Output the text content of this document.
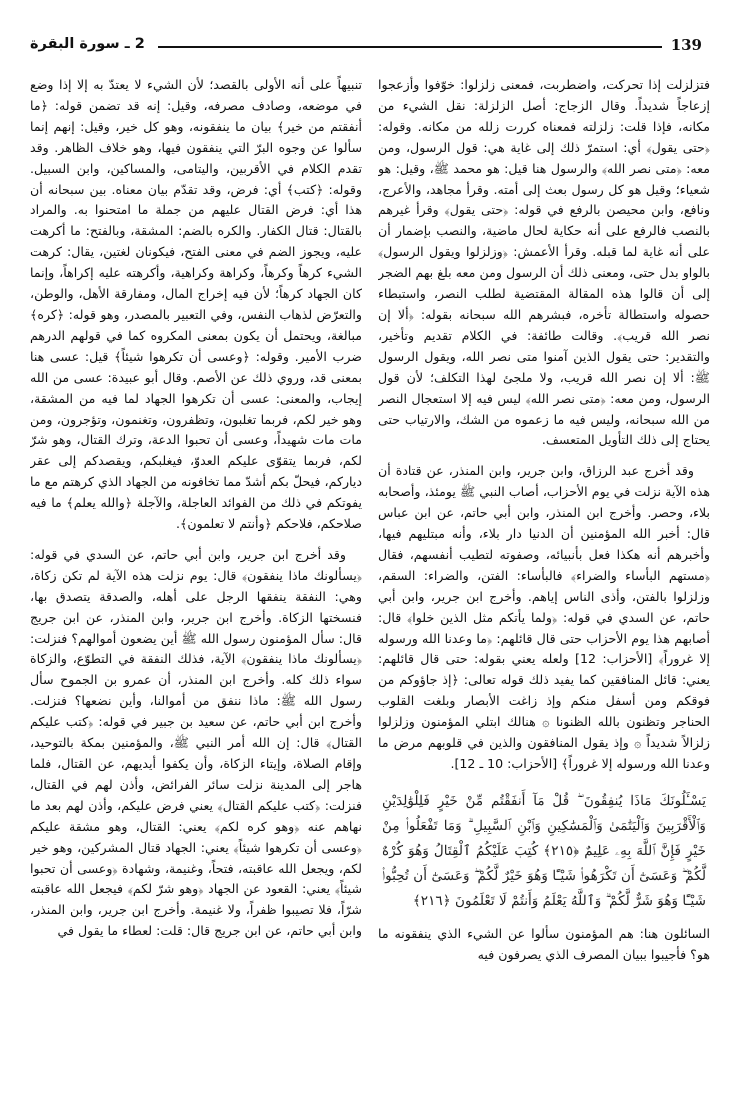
139
2 ـ سورة البقرة

فتزلزلت إذا تحركت، واضطربت، فمعنى زلزلوا: خوّفوا وأزعجوا إزعاجاً شديداً. وقال الزجاج: أصل الزلزلة: نقل الشيء من مكانه، فإذا قلت: زلزلته فمعناه كررت زلله من مكانه. وقوله: ﴿حتى يقول﴾ أي: استمرّ ذلك إلى غاية هي: قول الرسول، ومن معه: ﴿متى نصر الله﴾ والرسول هنا قيل: هو محمد ﷺ، وقيل: هو شعياء؛ وقيل هو كل رسول بعث إلى أمته. وقرأ مجاهد، والأعرج، ونافع، وابن محيصن بالرفع في قوله: ﴿حتى يقول﴾ وقرأ غيرهم بالنصب فالرفع على أنه حكاية لحال ماضية، والنصب بإضمار أن على أنه غاية لما قبله. وقرأ الأعمش: ﴿وزلزلوا ويقول الرسول﴾ بالواو بدل حتى، ومعنى ذلك أن الرسول ومن معه بلغ بهم الضجر إلى أن قالوا هذه المقالة المقتضية لطلب النصر، واستبطاء حصوله واستطالة تأخره، فبشرهم الله سبحانه بقوله: ﴿ألا إن نصر الله قريب﴾. وقالت طائفة: في الكلام تقديم وتأخير، والتقدير: حتى يقول الذين آمنوا متى نصر الله، ويقول الرسول ﷺ: ألا إن نصر الله قريب، ولا ملجئ لهذا التكلف؛ لأن قول الرسول، ومن معه: ﴿متى نصر الله﴾ ليس فيه إلا استعجال النصر من الله سبحانه، وليس فيه ما زعموه من الشك، والارتياب حتى يحتاج إلى ذلك التأويل المتعسف.

وقد أخرج عبد الرزاق، وابن جرير، وابن المنذر، عن قتادة أن هذه الآية نزلت في يوم الأحزاب، أصاب النبي ﷺ يومئذ، وأصحابه بلاء، وحصر. وأخرج ابن المنذر، وابن أبي حاتم، عن ابن عباس قال: أخبر الله المؤمنين أن الدنيا دار بلاء، وأنه مبتليهم فيها، وأخبرهم أنه هكذا فعل بأنبيائه، وصفوته لتطيب أنفسهم، فقال ﴿مستهم البأساء والضراء﴾ فالبأساء: الفتن، والضراء: السقم، وزلزلوا بالفتن، وأذى الناس إياهم. وأخرج ابن جرير، وابن أبي حاتم، عن السدي في قوله: ﴿ولما يأتكم مثل الذين خلوا﴾ قال: أصابهم هذا يوم الأحزاب حتى قال قائلهم: ﴿ما وعدنا الله ورسوله إلا غروراً﴾ [الأحزاب: 12] ولعله يعني بقوله: حتى قال قائلهم: يعني: قائل المنافقين كما يفيد ذلك قوله تعالى: ﴿إذ جاؤوكم من فوقكم ومن أسفل منكم وإذ زاغت الأبصار وبلغت القلوب الحناجر وتظنون بالله الظنونا ۞ هنالك ابتلي المؤمنون وزلزلوا زلزالاً شديداً ۞ وإذ يقول المنافقون والذين في قلوبهم مرض ما وعدنا الله ورسوله إلا غروراً﴾ [الأحزاب: 10 ـ 12].

يَسْـَٔلُونَكَ مَاذَا يُنفِقُونَ ۖ قُلْ مَآ أَنفَقْتُم مِّنْ خَيْرٍ فَلِلْوَٰلِدَيْنِ وَٱلْأَقْرَبِينَ وَٱلْيَتَٰمَىٰ وَٱلْمَسَٰكِينِ وَٱبْنِ ٱلسَّبِيلِ ۗ وَمَا تَفْعَلُوا۟ مِنْ خَيْرٍ فَإِنَّ ٱللَّهَ بِهِۦ عَلِيمٌ ﴿٢١٥﴾ كُتِبَ عَلَيْكُمُ ٱلْقِتَالُ وَهُوَ كُرْهٌ لَّكُمْ ۖ وَعَسَىٰٓ أَن تَكْرَهُوا۟ شَيْـًٔا وَهُوَ خَيْرٌ لَّكُمْ ۖ وَعَسَىٰٓ أَن تُحِبُّوا۟ شَيْـًٔا وَهُوَ شَرٌّ لَّكُمْ ۗ وَٱللَّهُ يَعْلَمُ وَأَنتُمْ لَا تَعْلَمُونَ ﴿٢١٦﴾

السائلون هنا: هم المؤمنون سألوا عن الشيء الذي ينفقونه ما هو؟ فأجيبوا ببيان المصرف الذي يصرفون فيه

تنبيهاً على أنه الأولى بالقصد؛ لأن الشيء لا يعتدّ به إلا إذا وضع في موضعه، وصادف مصرفه، وقيل: إنه قد تضمن قوله: ﴿ما أنفقتم من خير﴾ بيان ما ينفقونه، وهو كل خير، وقيل: إنهم إنما سألوا عن وجوه البرّ التي ينفقون فيها، وهو خلاف الظاهر. وقد تقدم الكلام في الأقربين، واليتامى، والمساكين، وابن السبيل. وقوله: ﴿كتب﴾ أي: فرض، وقد تقدّم بيان معناه. بين سبحانه أن هذا أي: فرض القتال عليهم من جملة ما امتحنوا به. والمراد بالقتال: قتال الكفار. والكره بالضم: المشقة، وبالفتح: ما أكرهت عليه، ويجوز الضم في معنى الفتح، فيكونان لغتين، يقال: كرهت الشيء كرهاً وكرهاً، وكراهة وكراهية، وأكرهته عليه إكراهاً، وإنما كان الجهاد كرهاً؛ لأن فيه إخراج المال، ومفارقة الأهل، والوطن، والتعرّض لذهاب النفس، وفي التعبير بالمصدر، وهو قوله: ﴿كره﴾ مبالغة، ويحتمل أن يكون بمعنى المكروه كما في قولهم الدرهم ضرب الأمير. وقوله: ﴿وعسى أن تكرهوا شيئاً﴾ قيل: عسى هنا بمعنى قد، وروي ذلك عن الأصم. وقال أبو عبيدة: عسى من الله إيجاب، والمعنى: عسى أن تكرهوا الجهاد لما فيه من المشقة، وهو خير لكم، فربما تغلبون، وتظفرون، وتغنمون، وتؤجرون، ومن مات مات شهيداً، وعسى أن تحبوا الدعة، وترك القتال، وهو شرّ لكم، فربما يتقوّى عليكم العدوّ، فيغلبكم، ويقصدكم إلى عقر دياركم، فيحلّ بكم أشدّ مما تخافونه من الجهاد الذي كرهتم مع ما يفوتكم في ذلك من الفوائد العاجلة، والآجلة ﴿والله يعلم﴾ ما فيه صلاحكم، فلاحكم ﴿وأنتم لا تعلمون﴾.

وقد أخرج ابن جرير، وابن أبي حاتم، عن السدي في قوله: ﴿يسألونك ماذا ينفقون﴾ قال: يوم نزلت هذه الآية لم تكن زكاة، وهي: النفقة ينفقها الرجل على أهله، والصدقة يتصدق بها، فنسختها الزكاة. وأخرج ابن جرير، وابن المنذر، عن ابن جريج قال: سأل المؤمنون رسول الله ﷺ أين يضعون أموالهم؟ فنزلت: ﴿يسألونك ماذا ينفقون﴾ الآية، فذلك النفقة في التطوّع، والزكاة سواء ذلك كله. وأخرج ابن المنذر، أن عمرو بن الجموح سأل رسول الله ﷺ: ماذا ننفق من أموالنا، وأين نضعها؟ فنزلت. وأخرج ابن أبي حاتم، عن سعيد بن جبير في قوله: ﴿كتب عليكم القتال﴾ قال: إن الله أمر النبي ﷺ، والمؤمنين بمكة بالتوحيد، وإقام الصلاة، وإيتاء الزكاة، وأن يكفوا أيديهم، عن القتال، فلما هاجر إلى المدينة نزلت سائر الفرائض، وأذن لهم في القتال، فنزلت: ﴿كتب عليكم القتال﴾ يعني فرض عليكم، وأذن لهم بعد ما نهاهم عنه ﴿وهو كره لكم﴾ يعني: القتال، وهو مشقة عليكم ﴿وعسى أن تكرهوا شيئاً﴾ يعني: الجهاد قتال المشركين، وهو خير لكم، ويجعل الله عاقبته، فتحاً، وغنيمة، وشهادة ﴿وعسى أن تحبوا شيئاً﴾ يعني: القعود عن الجهاد ﴿وهو شرّ لكم﴾ فيجعل الله عاقبته شرّاً، فلا تصيبوا ظفراً، ولا غنيمة. وأخرج ابن جرير، وابن المنذر، وابن أبي حاتم، عن ابن جريج قال: قلت: لعطاء ما يقول في
